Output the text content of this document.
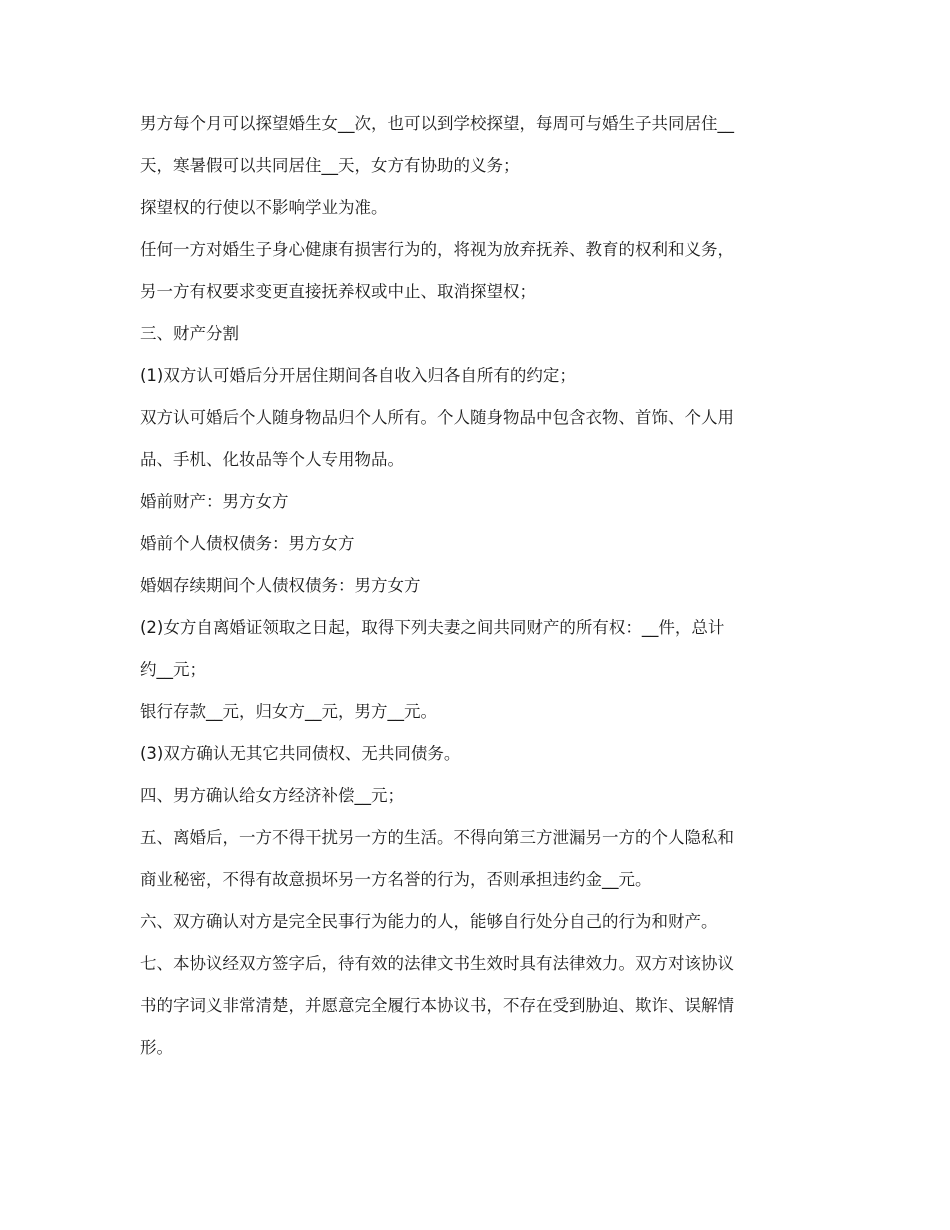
男方每个月可以探望婚生女__次，也可以到学校探望，每周可与婚生子共同居住__
天，寒暑假可以共同居住__天，女方有协助的义务；
探望权的行使以不影响学业为准。
任何一方对婚生子身心健康有损害行为的，将视为放弃抚养、教育的权利和义务，
另一方有权要求变更直接抚养权或中止、取消探望权；
三、财产分割
(1)双方认可婚后分开居住期间各自收入归各自所有的约定；
双方认可婚后个人随身物品归个人所有。个人随身物品中包含衣物、首饰、个人用
品、手机、化妆品等个人专用物品。
婚前财产：男方女方
婚前个人债权债务：男方女方
婚姻存续期间个人债权债务：男方女方
(2)女方自离婚证领取之日起，取得下列夫妻之间共同财产的所有权：__件，总计
约__元；
银行存款__元，归女方__元，男方__元。
(3)双方确认无其它共同债权、无共同债务。
四、男方确认给女方经济补偿__元；
五、离婚后，一方不得干扰另一方的生活。不得向第三方泄漏另一方的个人隐私和
商业秘密，不得有故意损坏另一方名誉的行为，否则承担违约金__元。
六、双方确认对方是完全民事行为能力的人，能够自行处分自己的行为和财产。
七、本协议经双方签字后，待有效的法律文书生效时具有法律效力。双方对该协议
书的字词义非常清楚，并愿意完全履行本协议书，不存在受到胁迫、欺诈、误解情
形。
